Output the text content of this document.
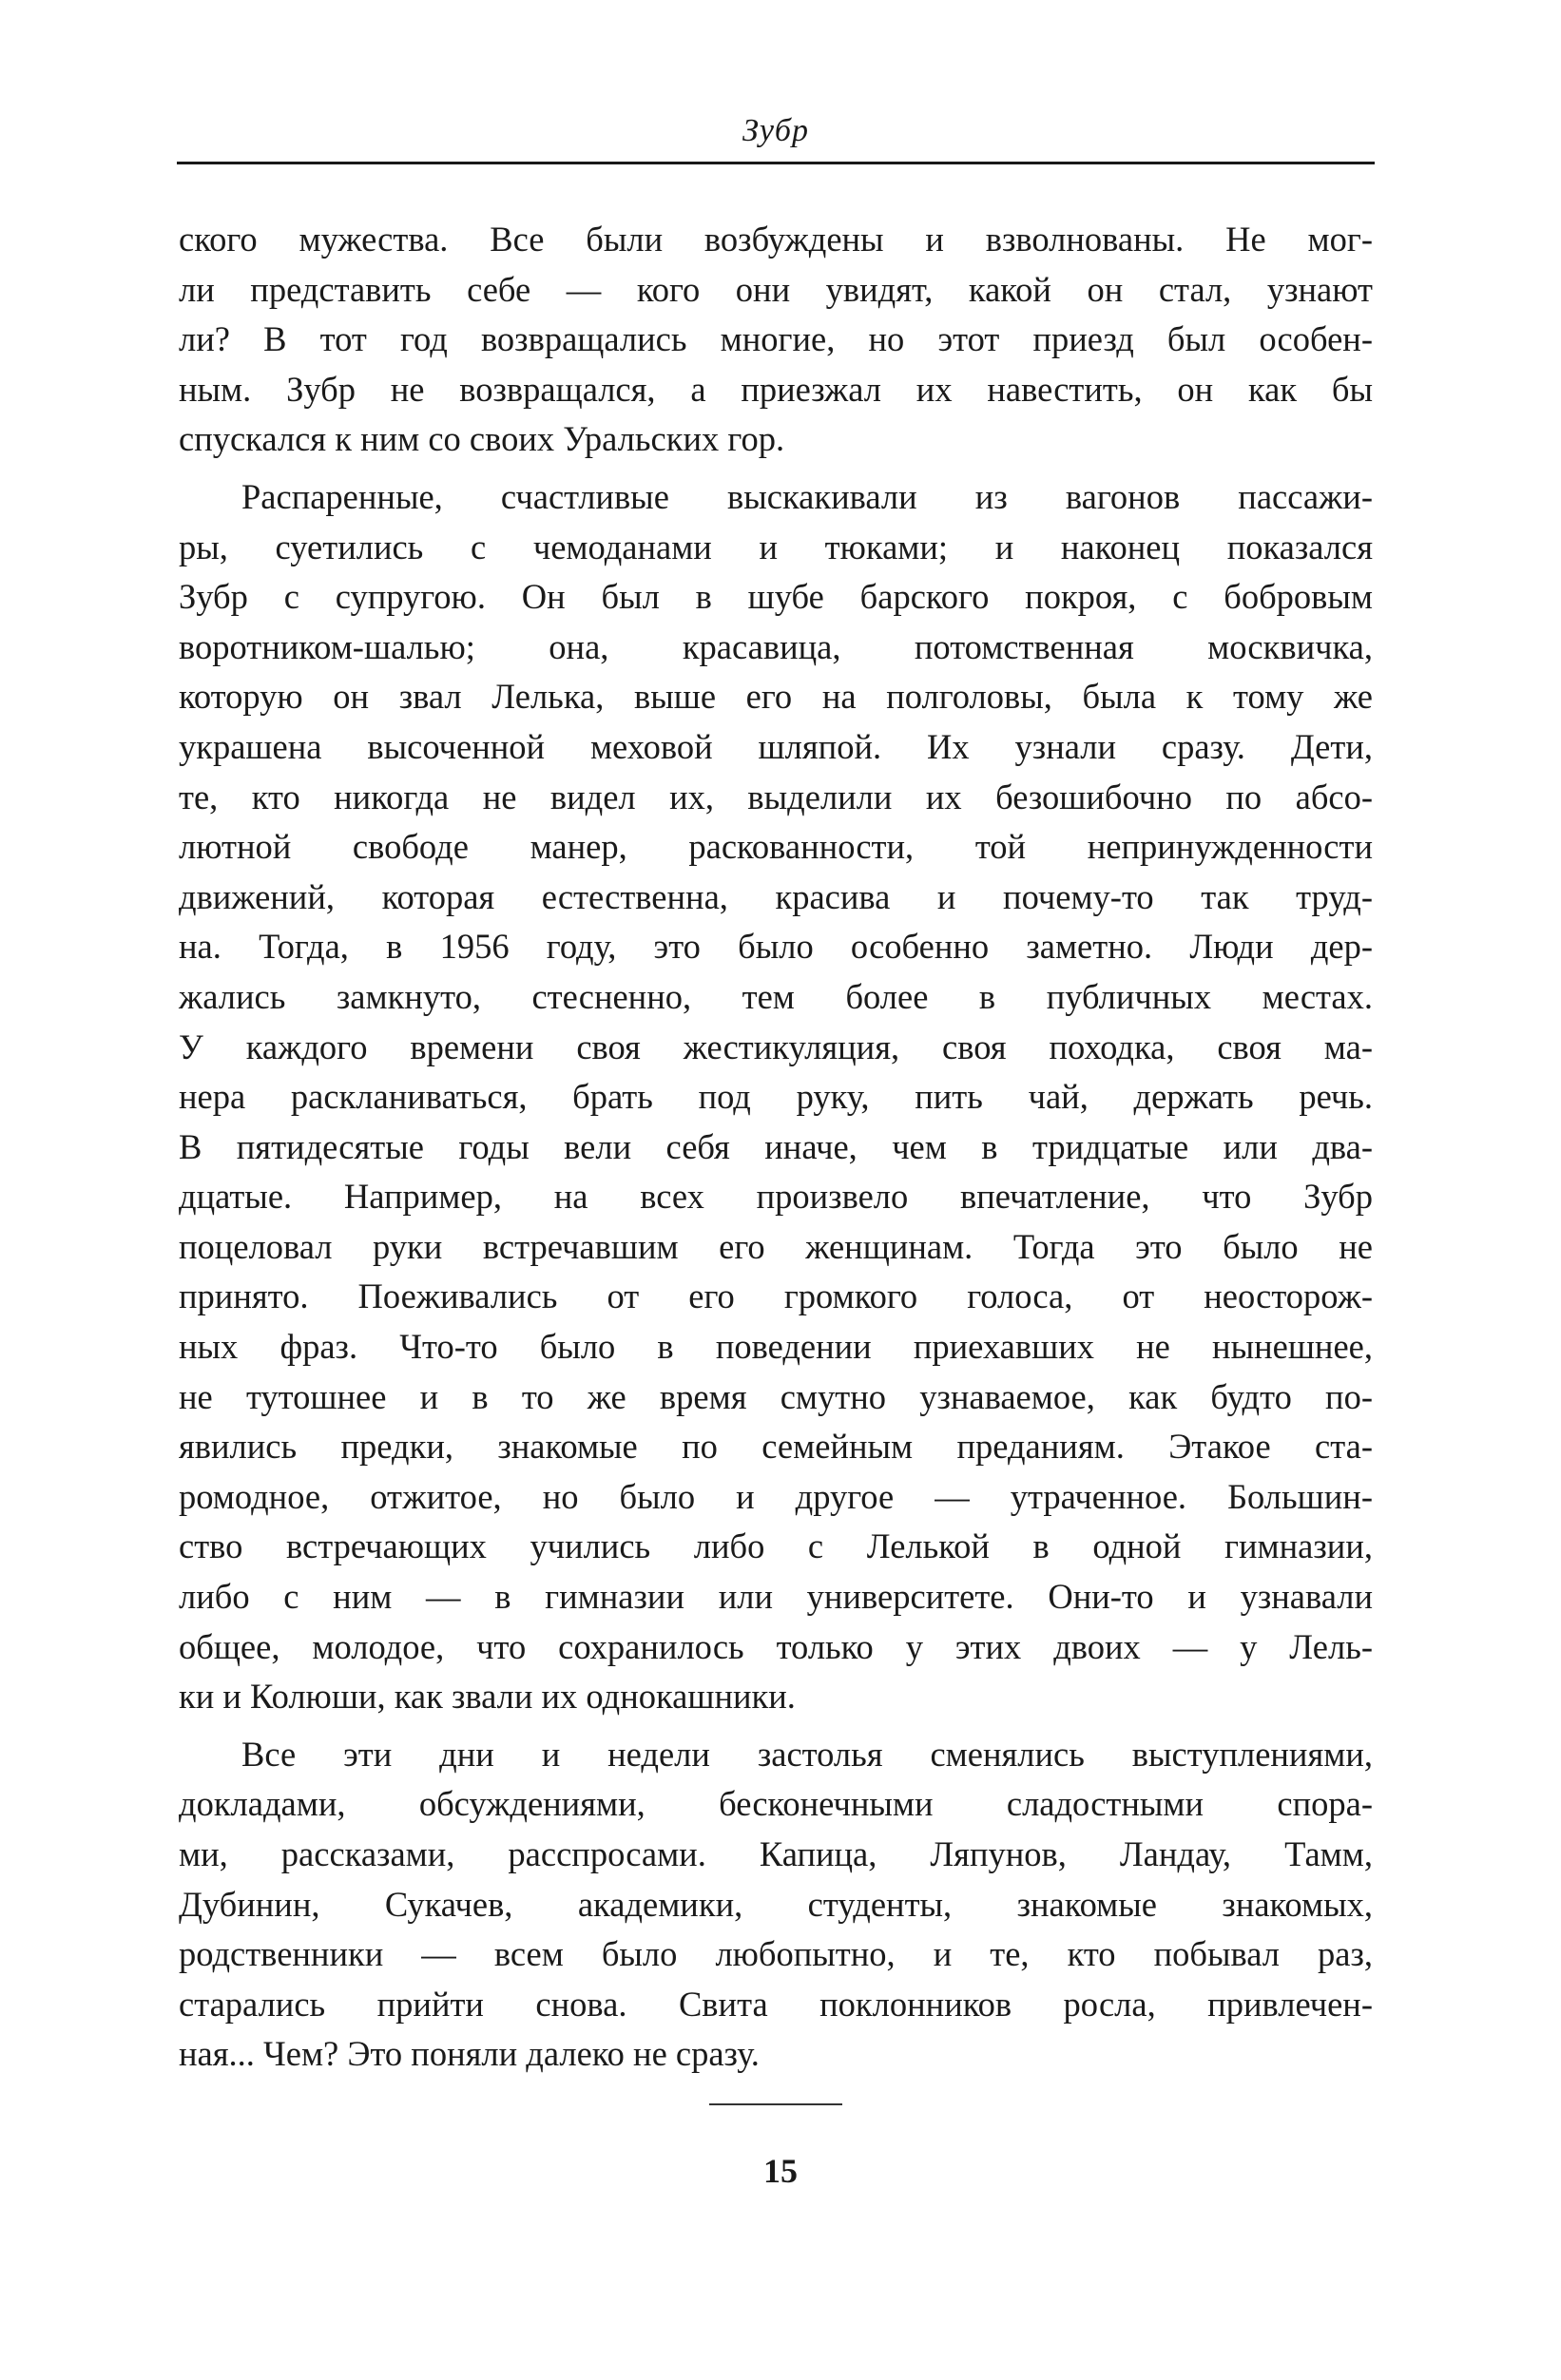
Зубр
ского мужества. Все были возбуждены и взволнованы. Не мог-
ли представить себе — кого они увидят, какой он стал, узнают
ли? В тот год возвращались многие, но этот приезд был особен-
ным. Зубр не возвращался, а приезжал их навестить, он как бы
спускался к ним со своих Уральских гор.
Распаренные, счастливые выскакивали из вагонов пассажи-
ры, суетились с чемоданами и тюками; и наконец показался
Зубр с супругою. Он был в шубе барского покроя, с бобровым
воротником-шалью; она, красавица, потомственная москвичка,
которую он звал Лелька, выше его на полголовы, была к тому же
украшена высоченной меховой шляпой. Их узнали сразу. Дети,
те, кто никогда не видел их, выделили их безошибочно по абсо-
лютной свободе манер, раскованности, той непринужденности
движений, которая естественна, красива и почему-то так труд-
на. Тогда, в 1956 году, это было особенно заметно. Люди дер-
жались замкнуто, стесненно, тем более в публичных местах.
У каждого времени своя жестикуляция, своя походка, своя ма-
нера раскланиваться, брать под руку, пить чай, держать речь.
В пятидесятые годы вели себя иначе, чем в тридцатые или два-
дцатые. Например, на всех произвело впечатление, что Зубр
поцеловал руки встречавшим его женщинам. Тогда это было не
принято. Поеживались от его громкого голоса, от неосторож-
ных фраз. Что-то было в поведении приехавших не нынешнее,
не тутошнее и в то же время смутно узнаваемое, как будто по-
явились предки, знакомые по семейным преданиям. Этакое ста-
ромодное, отжитое, но было и другое — утраченное. Большин-
ство встречающих учились либо с Лелькой в одной гимназии,
либо с ним — в гимназии или университете. Они-то и узнавали
общее, молодое, что сохранилось только у этих двоих — у Лель-
ки и Колюши, как звали их однокашники.
Все эти дни и недели застолья сменялись выступлениями,
докладами, обсуждениями, бесконечными сладостными спора-
ми, рассказами, расспросами. Капица, Ляпунов, Ландау, Тамм,
Дубинин, Сукачев, академики, студенты, знакомые знакомых,
родственники — всем было любопытно, и те, кто побывал раз,
старались прийти снова. Свита поклонников росла, привлечен-
ная... Чем? Это поняли далеко не сразу.
15
